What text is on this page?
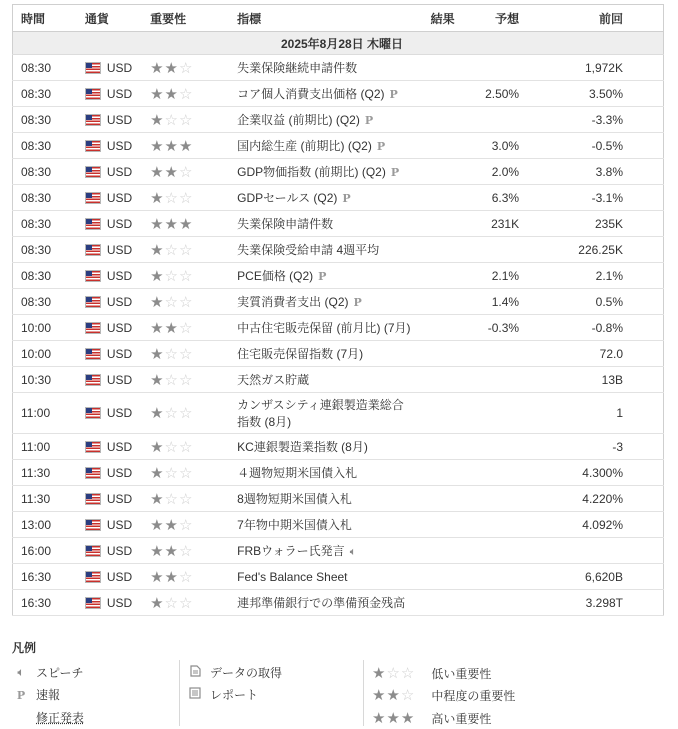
時間	通貨	重要性	指標	結果	予想	前回
2025年8月28日 木曜日						
08:30	USD	★★☆	失業保険継続申請件数			1,972K
08:30	USD	★★☆	コア個人消費支出価格 (Q2) P		2.50%	3.50%
08:30	USD	★☆☆	企業収益 (前期比) (Q2) P			-3.3%
08:30	USD	★★★	国内総生産 (前期比) (Q2) P		3.0%	-0.5%
08:30	USD	★★☆	GDP物価指数 (前期比) (Q2) P		2.0%	3.8%
08:30	USD	★☆☆	GDPセールス (Q2) P		6.3%	-3.1%
08:30	USD	★★★	失業保険申請件数		231K	235K
08:30	USD	★☆☆	失業保険受給申請 4週平均			226.25K
08:30	USD	★☆☆	PCE価格 (Q2) P		2.1%	2.1%
08:30	USD	★☆☆	実質消費者支出 (Q2) P		1.4%	0.5%
10:00	USD	★★☆	中古住宅販売保留 (前月比) (7月)		-0.3%	-0.8%
10:00	USD	★☆☆	住宅販売保留指数 (7月)			72.0
10:30	USD	★☆☆	天然ガス貯蔵			13B
11:00	USD	★☆☆	カンザスシティ連銀製造業総合
指数 (8月)			1
11:00	USD	★☆☆	KC連銀製造業指数 (8月)			-3
11:30	USD	★☆☆	４週物短期米国債入札			4.300%
11:30	USD	★☆☆	8週物短期米国債入札			4.220%
13:00	USD	★★☆	7年物中期米国債入札			4.092%
16:00	USD	★★☆	FRBウォラー氏発言 🔈︎			
16:30	USD	★★☆	Fed's Balance Sheet			6,620B
16:30	USD	★☆☆	連邦準備銀行での準備預金残高			3.298T
凡例
🔈︎ スピーチ
P 速報
修正発表
データの取得
レポート
★☆☆ 低い重要性
★★☆ 中程度の重要性
★★★ 高い重要性
